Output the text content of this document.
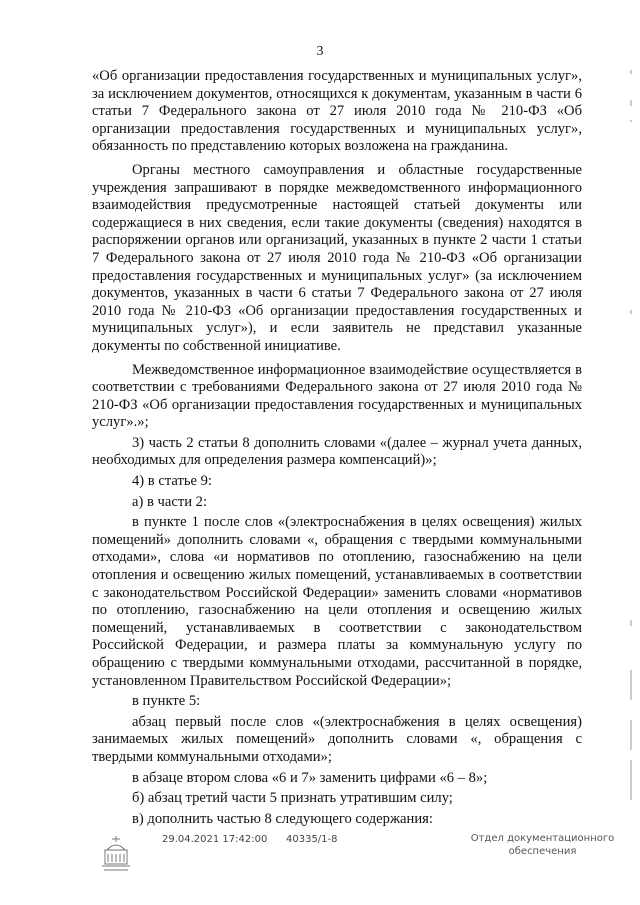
3

«Об организации предоставления государственных и муниципальных услуг», за исключением документов, относящихся к документам, указанным в части 6 статьи 7 Федерального закона от 27 июля 2010 года № 210-ФЗ «Об организации предоставления государственных и муниципальных услуг», обязанность по представлению которых возложена на гражданина.

Органы местного самоуправления и областные государственные учреждения запрашивают в порядке межведомственного информационного взаимодействия предусмотренные настоящей статьей документы или содержащиеся в них сведения, если такие документы (сведения) находятся в распоряжении органов или организаций, указанных в пункте 2 части 1 статьи 7 Федерального закона от 27 июля 2010 года № 210-ФЗ «Об организации предоставления государственных и муниципальных услуг» (за исключением документов, указанных в части 6 статьи 7 Федерального закона от 27 июля 2010 года № 210-ФЗ «Об организации предоставления государственных и муниципальных услуг»), и если заявитель не представил указанные документы по собственной инициативе.

Межведомственное информационное взаимодействие осуществляется в соответствии с требованиями Федерального закона от 27 июля 2010 года № 210-ФЗ «Об организации предоставления государственных и муниципальных услуг».»;

3) часть 2 статьи 8 дополнить словами «(далее – журнал учета данных, необходимых для определения размера компенсаций)»;

4) в статье 9:

а) в части 2:

в пункте 1 после слов «(электроснабжения в целях освещения) жилых помещений» дополнить словами «, обращения с твердыми коммунальными отходами», слова «и нормативов по отоплению, газоснабжению на цели отопления и освещению жилых помещений, устанавливаемых в соответствии с законодательством Российской Федерации» заменить словами «нормативов по отоплению, газоснабжению на цели отопления и освещению жилых помещений, устанавливаемых в соответствии с законодательством Российской Федерации, и размера платы за коммунальную услугу по обращению с твердыми коммунальными отходами, рассчитанной в порядке, установленном Правительством Российской Федерации»;

в пункте 5:

абзац первый после слов «(электроснабжения в целях освещения) занимаемых жилых помещений» дополнить словами «, обращения с твердыми коммунальными отходами»;

в абзаце втором слова «6 и 7» заменить цифрами «6 – 8»;

б) абзац третий части 5 признать утратившим силу;

в) дополнить частью 8 следующего содержания:

29.04.2021 17:42:00 40335/1-8	Отдел документационного обеспечения
